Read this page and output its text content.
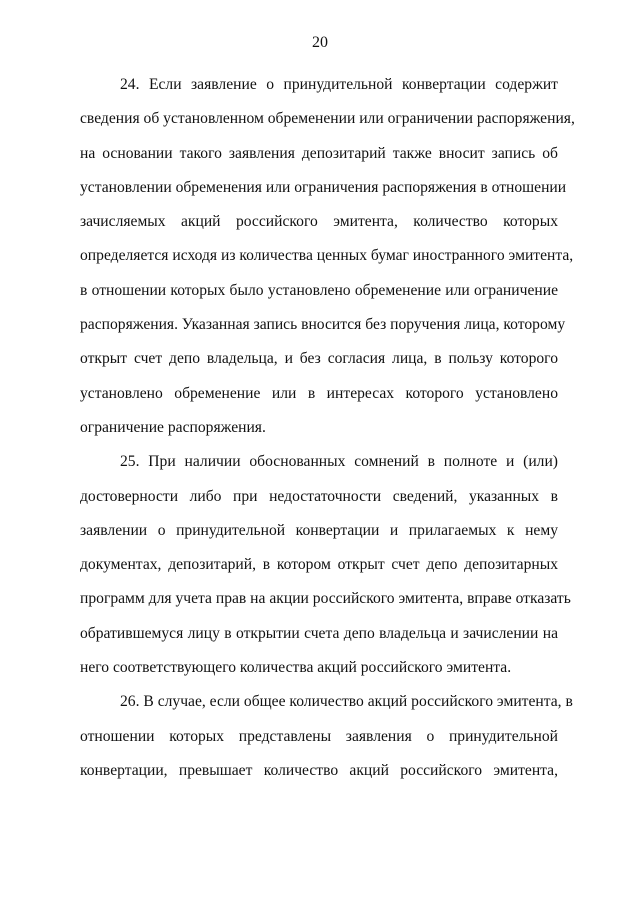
20
24. Если заявление о принудительной конвертации содержит
сведения об установленном обременении или ограничении распоряжения,
на основании такого заявления депозитарий также вносит запись об
установлении обременения или ограничения распоряжения в отношении
зачисляемых акций российского эмитента, количество которых
определяется исходя из количества ценных бумаг иностранного эмитента,
в отношении которых было установлено обременение или ограничение
распоряжения. Указанная запись вносится без поручения лица, которому
открыт счет депо владельца, и без согласия лица, в пользу которого
установлено обременение или в интересах которого установлено
ограничение распоряжения.
25. При наличии обоснованных сомнений в полноте и (или)
достоверности либо при недостаточности сведений, указанных в
заявлении о принудительной конвертации и прилагаемых к нему
документах, депозитарий, в котором открыт счет депо депозитарных
программ для учета прав на акции российского эмитента, вправе отказать
обратившемуся лицу в открытии счета депо владельца и зачислении на
него соответствующего количества акций российского эмитента.
26. В случае, если общее количество акций российского эмитента, в
отношении которых представлены заявления о принудительной
конвертации, превышает количество акций российского эмитента,
